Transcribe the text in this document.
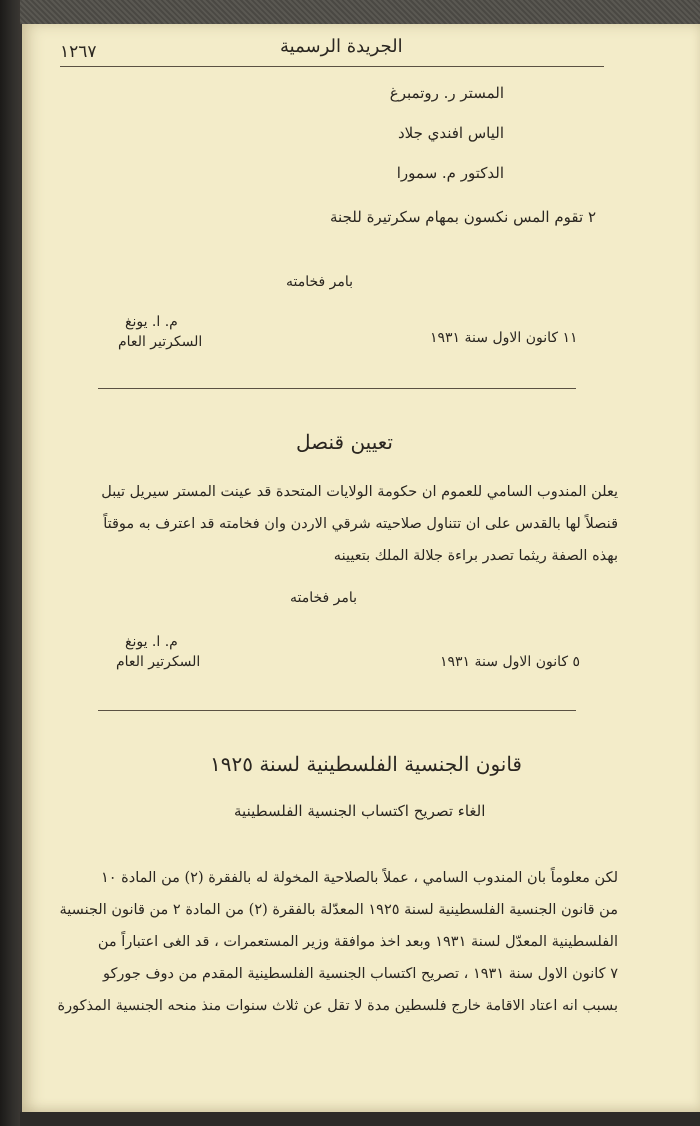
١٢٦٧	الجريدة الرسمية
المستر ر. روتمبرغ
الياس افندي جلاد
الدكتور م. سمورا
٢ تقوم المس نكسون بمهام سكرتيرة للجنة
بامر فخامته
م. ا. يونغ
السكرتير العام	١١ كانون الاول سنة ١٩٣١
تعيين قنصل
يعلن المندوب السامي للعموم ان حكومة الولايات المتحدة قد عينت المستر سيريل تيبل
قنصلاً لها بالقدس على ان تتناول صلاحيته شرقي الاردن وان فخامته قد اعترف به موقتاً
بهذه الصفة ريثما تصدر براءة جلالة الملك بتعيينه
بامر فخامته
م. ا. يونغ
السكرتير العام	٥ كانون الاول سنة ١٩٣١
قانون الجنسية الفلسطينية لسنة ١٩٢٥
الغاء تصريح اكتساب الجنسية الفلسطينية
لكن معلوماً بان المندوب السامي ، عملاً بالصلاحية المخولة له بالفقرة (٢) من المادة ١٠
من قانون الجنسية الفلسطينية لسنة ١٩٢٥ المعدّلة بالفقرة (٢) من المادة ٢ من قانون الجنسية
الفلسطينية المعدّل لسنة ١٩٣١ وبعد اخذ موافقة وزير المستعمرات ، قد الغى اعتباراً من
٧ كانون الاول سنة ١٩٣١ ، تصريح اكتساب الجنسية الفلسطينية المقدم من دوف جوركو
بسبب انه اعتاد الاقامة خارج فلسطين مدة لا تقل عن ثلاث سنوات منذ منحه الجنسية المذكورة
